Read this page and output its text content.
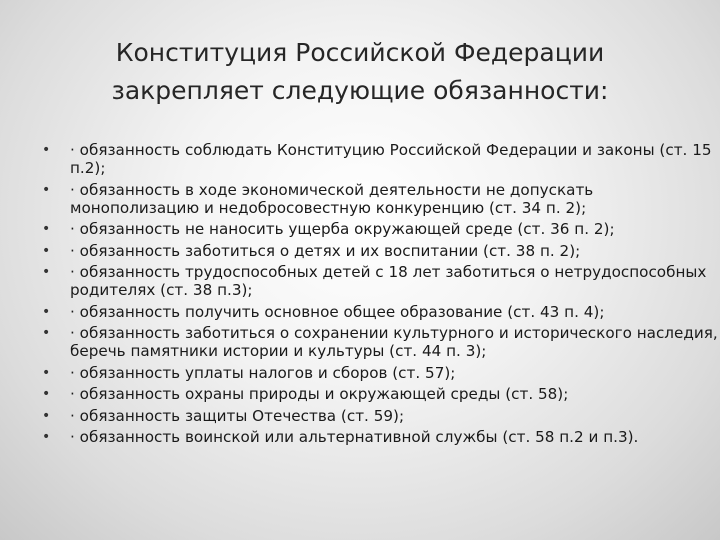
Конституция Российской Федерации
закрепляет следующие обязанности:
• · обязанность соблюдать Конституцию Российской Федерации и законы (ст. 15 п.2);
• · обязанность в ходе экономической деятельности не допускать монополизацию и недобросовестную конкуренцию (ст. 34 п. 2);
• · обязанность не наносить ущерба окружающей среде (ст. 36 п. 2);
• · обязанность заботиться о детях и их воспитании (ст. 38 п. 2);
• · обязанность трудоспособных детей с 18 лет заботиться о нетрудоспособных родителях (ст. 38 п.3);
• · обязанность получить основное общее образование (ст. 43 п. 4);
• · обязанность заботиться о сохранении культурного и исторического наследия, беречь памятники истории и культуры (ст. 44 п. 3);
• · обязанность уплаты налогов и сборов (ст. 57);
• · обязанность охраны природы и окружающей среды (ст. 58);
• · обязанность защиты Отечества (ст. 59);
• · обязанность воинской или альтернативной службы (ст. 58 п.2 и п.3).
